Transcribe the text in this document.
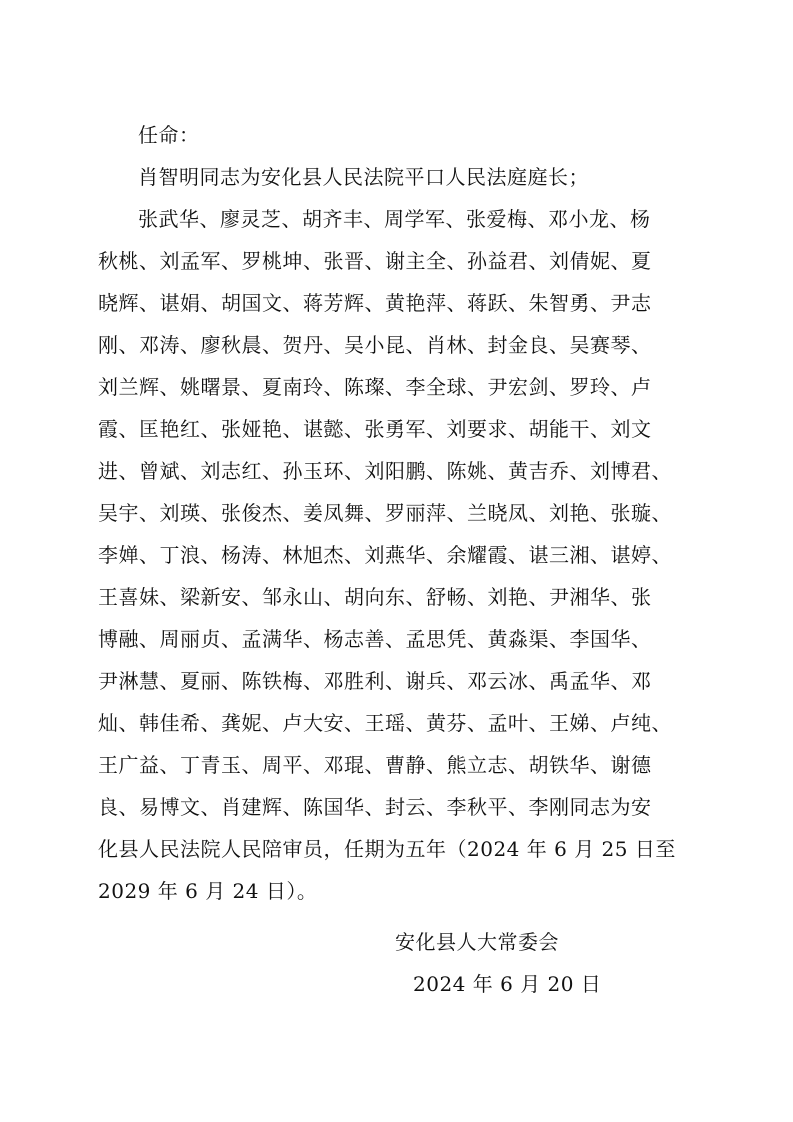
任命：
肖智明同志为安化县人民法院平口人民法庭庭长；
张武华、廖灵芝、胡齐丰、周学军、张爱梅、邓小龙、杨
秋桃、刘孟军、罗桃坤、张晋、谢主全、孙益君、刘倩妮、夏
晓辉、谌娟、胡国文、蒋芳辉、黄艳萍、蒋跃、朱智勇、尹志
刚、邓涛、廖秋晨、贺丹、吴小昆、肖林、封金良、吴赛琴、
刘兰辉、姚曙景、夏南玲、陈璨、李全球、尹宏剑、罗玲、卢
霞、匡艳红、张娅艳、谌懿、张勇军、刘要求、胡能干、刘文
进、曾斌、刘志红、孙玉环、刘阳鹏、陈姚、黄吉乔、刘博君、
吴宇、刘瑛、张俊杰、姜凤舞、罗丽萍、兰晓凤、刘艳、张璇、
李婵、丁浪、杨涛、林旭杰、刘燕华、余耀霞、谌三湘、谌婷、
王喜妹、梁新安、邹永山、胡向东、舒畅、刘艳、尹湘华、张
博融、周丽贞、孟满华、杨志善、孟思凭、黄淼渠、李国华、
尹淋慧、夏丽、陈铁梅、邓胜利、谢兵、邓云冰、禹孟华、邓
灿、韩佳希、龚妮、卢大安、王瑶、黄芬、孟叶、王娣、卢纯、
王广益、丁青玉、周平、邓琨、曹静、熊立志、胡铁华、谢德
良、易博文、肖建辉、陈国华、封云、李秋平、李刚同志为安
化县人民法院人民陪审员，任期为五年（2024 年 6 月 25 日至
2029 年 6 月 24 日）。
安化县人大常委会
2024 年 6 月 20 日
